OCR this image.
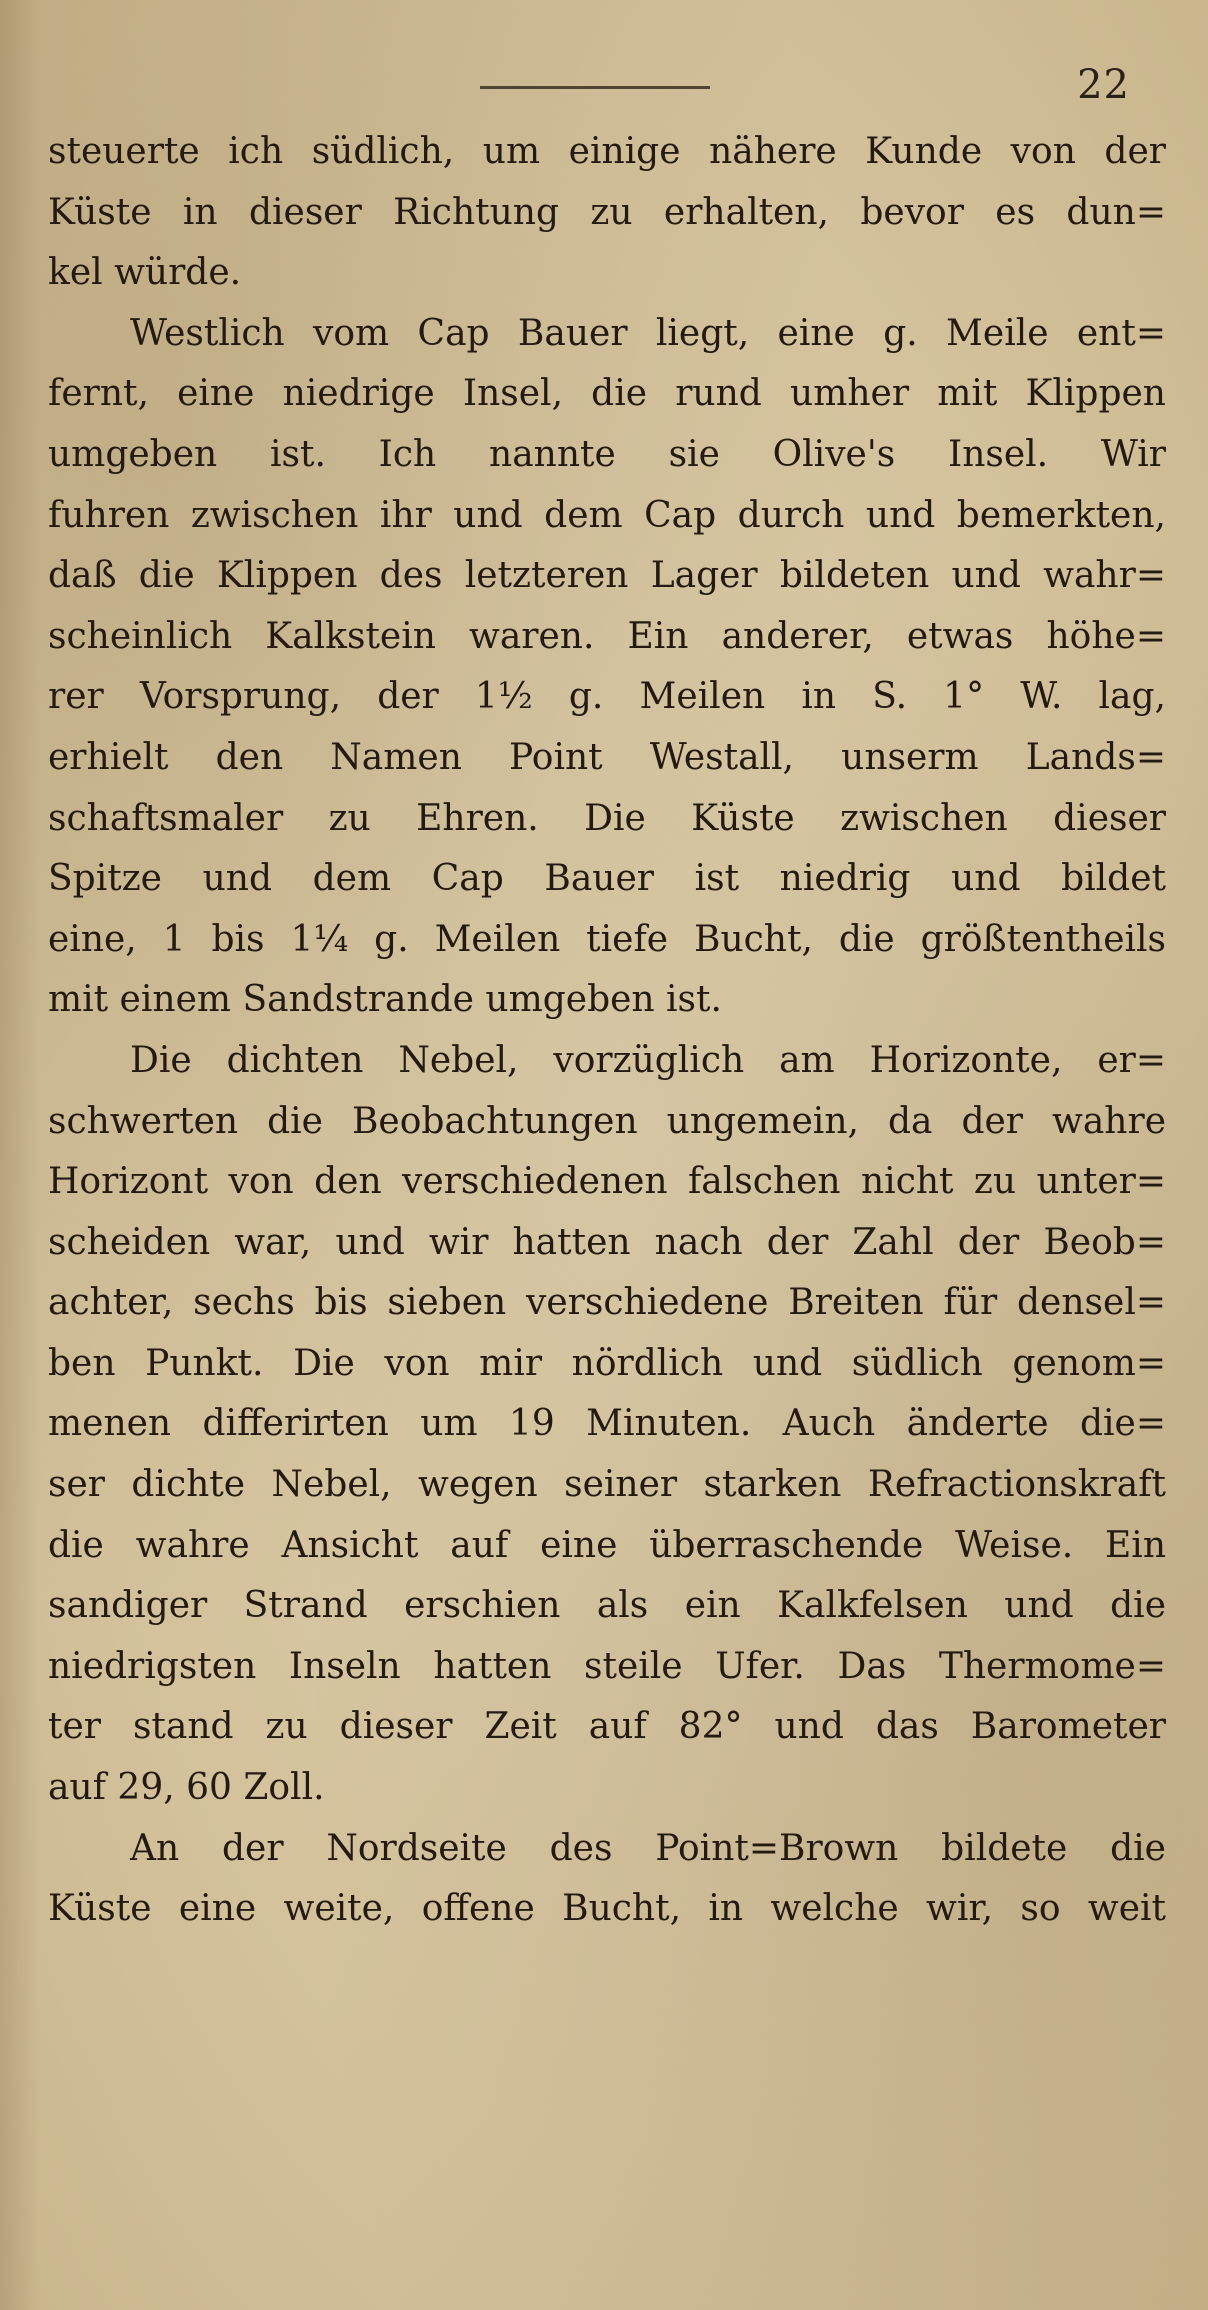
22
steuerte ich südlich, um einige nähere Kunde von der
Küste in dieser Richtung zu erhalten, bevor es dun=
kel würde.
Westlich vom Cap Bauer liegt, eine g. Meile ent=
fernt, eine niedrige Insel, die rund umher mit Klippen
umgeben ist. Ich nannte sie Olive's Insel. Wir
fuhren zwischen ihr und dem Cap durch und bemerkten,
daß die Klippen des letzteren Lager bildeten und wahr=
scheinlich Kalkstein waren. Ein anderer, etwas höhe=
rer Vorsprung, der 1½ g. Meilen in S. 1° W. lag,
erhielt den Namen Point Westall, unserm Lands=
schaftsmaler zu Ehren. Die Küste zwischen dieser
Spitze und dem Cap Bauer ist niedrig und bildet
eine, 1 bis 1¼ g. Meilen tiefe Bucht, die größtentheils
mit einem Sandstrande umgeben ist.
Die dichten Nebel, vorzüglich am Horizonte, er=
schwerten die Beobachtungen ungemein, da der wahre
Horizont von den verschiedenen falschen nicht zu unter=
scheiden war, und wir hatten nach der Zahl der Beob=
achter, sechs bis sieben verschiedene Breiten für densel=
ben Punkt. Die von mir nördlich und südlich genom=
menen differirten um 19 Minuten. Auch änderte die=
ser dichte Nebel, wegen seiner starken Refractionskraft
die wahre Ansicht auf eine überraschende Weise. Ein
sandiger Strand erschien als ein Kalkfelsen und die
niedrigsten Inseln hatten steile Ufer. Das Thermome=
ter stand zu dieser Zeit auf 82° und das Barometer
auf 29, 60 Zoll.
An der Nordseite des Point=Brown bildete die
Küste eine weite, offene Bucht, in welche wir, so weit
